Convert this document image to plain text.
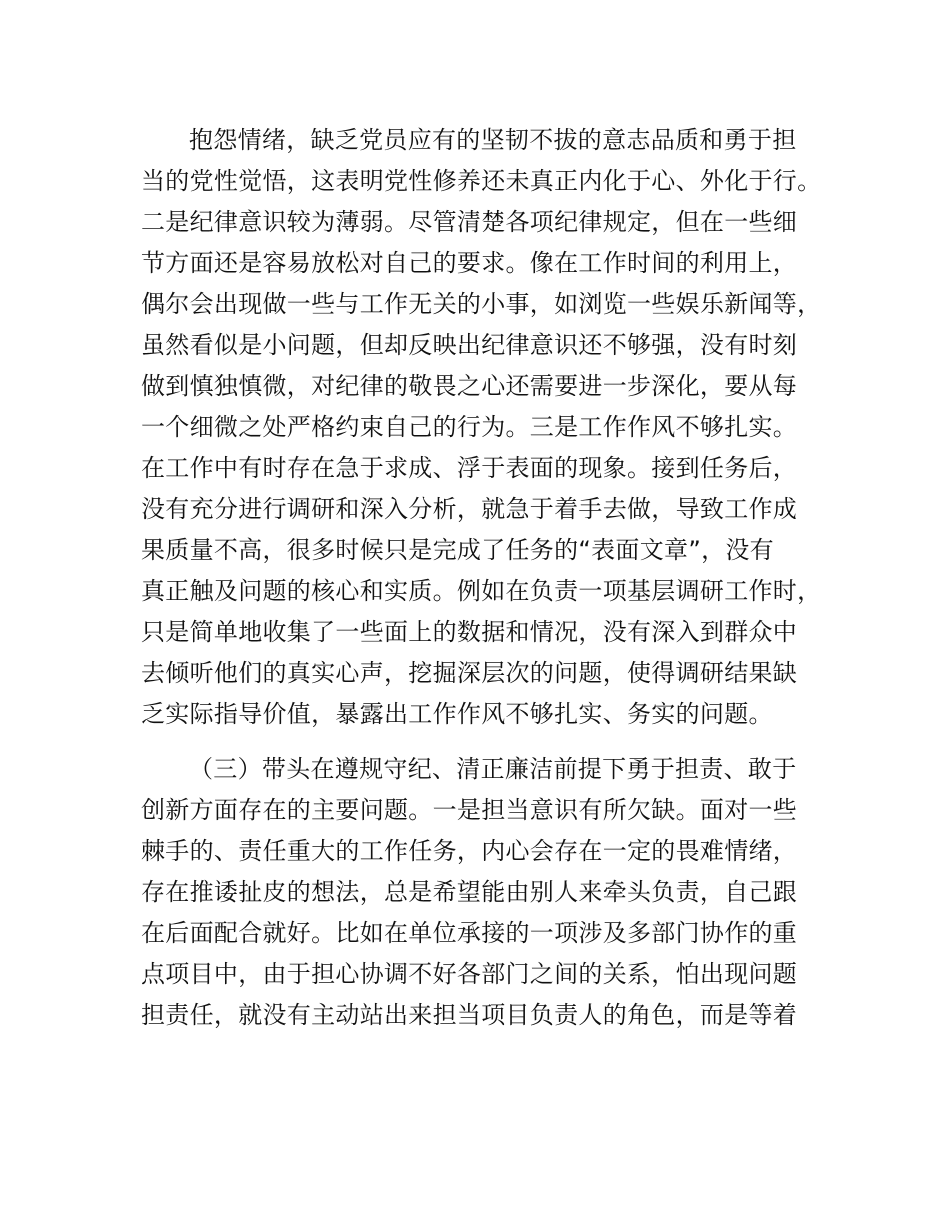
抱怨情绪，缺乏党员应有的坚韧不拔的意志品质和勇于担
当的党性觉悟，这表明党性修养还未真正内化于心、外化于行。
二是纪律意识较为薄弱。尽管清楚各项纪律规定，但在一些细
节方面还是容易放松对自己的要求。像在工作时间的利用上，
偶尔会出现做一些与工作无关的小事，如浏览一些娱乐新闻等，
虽然看似是小问题，但却反映出纪律意识还不够强，没有时刻
做到慎独慎微，对纪律的敬畏之心还需要进一步深化，要从每
一个细微之处严格约束自己的行为。三是工作作风不够扎实。
在工作中有时存在急于求成、浮于表面的现象。接到任务后，
没有充分进行调研和深入分析，就急于着手去做，导致工作成
果质量不高，很多时候只是完成了任务的“表面文章”，没有
真正触及问题的核心和实质。例如在负责一项基层调研工作时，
只是简单地收集了一些面上的数据和情况，没有深入到群众中
去倾听他们的真实心声，挖掘深层次的问题，使得调研结果缺
乏实际指导价值，暴露出工作作风不够扎实、务实的问题。
（三）带头在遵规守纪、清正廉洁前提下勇于担责、敢于
创新方面存在的主要问题。一是担当意识有所欠缺。面对一些
棘手的、责任重大的工作任务，内心会存在一定的畏难情绪，
存在推诿扯皮的想法，总是希望能由别人来牵头负责，自己跟
在后面配合就好。比如在单位承接的一项涉及多部门协作的重
点项目中，由于担心协调不好各部门之间的关系，怕出现问题
担责任，就没有主动站出来担当项目负责人的角色，而是等着
